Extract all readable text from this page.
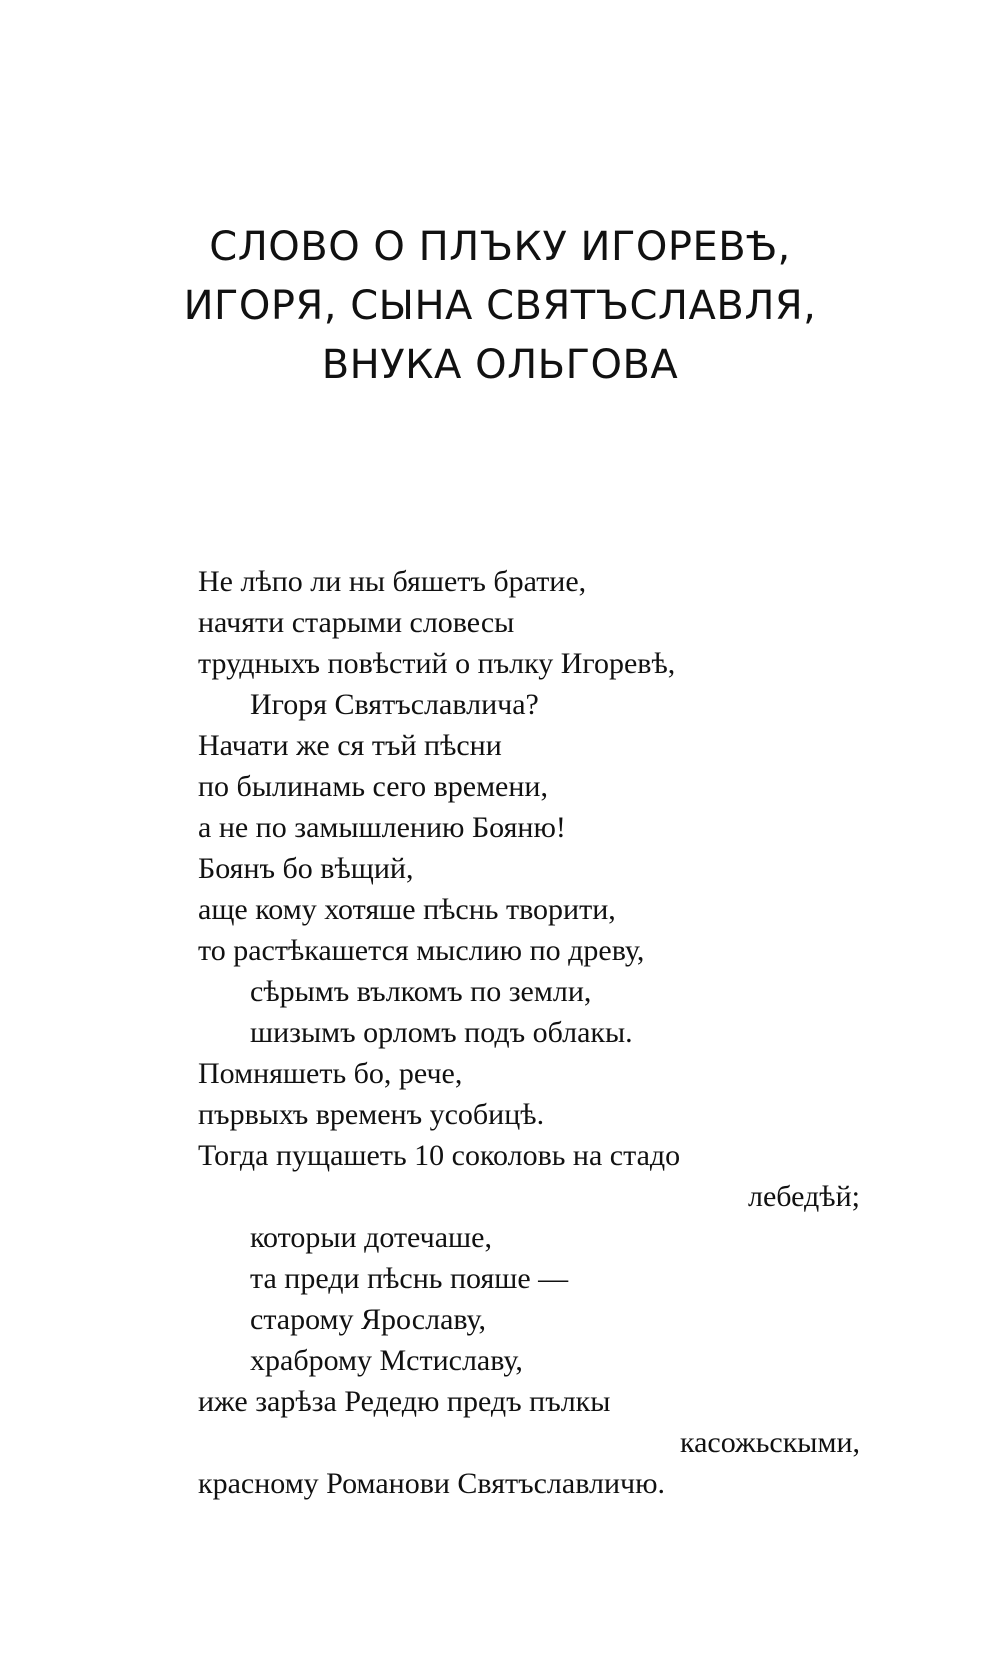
СЛОВО О ПЛЪКУ ИГОРЕВѢ,
ИГОРЯ, СЫНА СВЯТЪСЛАВЛЯ,
ВНУКА ОЛЬГОВА
Не лѣпо ли ны бяшетъ братие,
начяти старыми словесы
трудныхъ повѣстий о пълку Игоревѣ,
Игоря Святъславлича?
Начати же ся тъй пѣсни
по былинамь сего времени,
а не по замышлению Бояню!
Боянъ бо вѣщий,
аще кому хотяше пѣснь творити,
то растѣкашется мыслию по древу,
сѣрымъ вълкомъ по земли,
шизымъ орломъ подъ облакы.
Помняшеть бо, рече,
първыхъ временъ усобицѣ.
Тогда пущашеть 10 соколовь на стадо
лебедѣй;
которыи дотечаше,
та преди пѣснь пояше —
старому Ярославу,
храброму Мстиславу,
иже зарѣза Редедю предъ пълкы
касожьскыми,
красному Романови Святъславличю.
